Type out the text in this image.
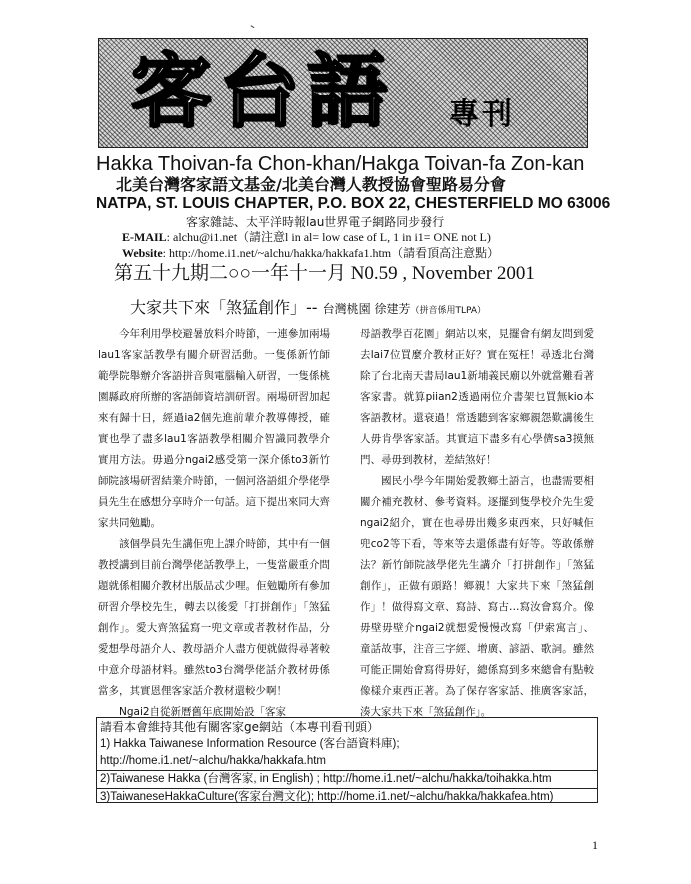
客台語 專刊
Hakka Thoivan-fa Chon-khan/Hakga Toivan-fa Zon-kan
北美台灣客家語文基金/北美台灣人教授協會聖路易分會
NATPA, ST. LOUIS CHAPTER, P.O. BOX 22, CHESTERFIELD MO 63006
客家雜誌、太平洋時報lau世界電子網路同步發行
E-MAIL: alchu@i1.net（請注意l in al= low case of L, 1 in i1= ONE not L)
Website: http://home.i1.net/~alchu/hakka/hakkafa1.htm（請看頂高注意點）
第五十九期二○○一年十一月 N0.59 , November 2001
大家共下來「煞猛創作」-- 台灣桃園 徐建芳（拼音係用TLPA）

今年利用學校避暑放料介時節，一連參加兩場lau1客家話教學有關介研習活動。一隻係新竹師範學院舉辦介客語拼音與電腦輸入研習，一隻係桃園縣政府所辦的客語師資培訓研習。兩場研習加起來有歸十日，經過ia2個先進前輩介教導傳授，確實也學了盡多lau1客語教學相關介智識同教學介實用方法。毋過分ngai2感受第一深介係to3新竹師院該場研習結業介時節，一個河洛語組介學佬學員先生在感想分享時介一句話。這下提出來同大齊家共同勉勵。

該個學員先生講佢兜上課介時節，其中有一個教授講到目前台灣學佬話教學上，一隻當嚴重介問題就係相關介教材出版品忒少哩。佢勉勵所有參加研習介學校先生，轉去以後愛「打拼創作」「煞猛創作」。愛大齊煞猛寫一兜文章或者教材作品，分愛想學母語介人、教母語介人盡方便就做得尋著較中意介母語材料。雖然to3台灣學佬話介教材毋係當多，其實恩俚客家話介教材還較少啊！

Ngai2自從新曆舊年底開始設「客家

母語教學百花園」網站以來，見擺會有網友問到愛去lai7位買麼介教材正好？實在冤枉！尋透北台灣除了台北南天書局lau1新埔義民廟以外就當難看著客家書。就算piian2透過兩位介書架乜買無kio本客語教材。還衰過！常透聽到客家鄉親怨歎講後生人毋肯學客家話。其實這下盡多有心學儕sa3摸無門、尋毋到教材，差結煞好！

國民小學今年開始愛教鄉土語言，也盡需要相關介補充教材、參考資料。逐擺到隻學校介先生愛ngai2紹介，實在也尋毋出幾多東西來，只好喊佢兜co2等下看，等來等去還係盡有好等。等敢係辦法？新竹師院該學佬先生講介「打拼創作」「煞猛創作」，正做有頭路！鄉親！大家共下來「煞猛創作」！做得寫文章、寫詩、寫古…寫汝會寫介。像毋壁毋壁介ngai2就想愛慢慢改寫「伊索寓言」、童話故事，注音三字經、增廣、諺語、歌詞。雖然可能正開始會寫得毋好，總係寫到多來總會有點較像樣介東西正著。為了保存客家話、推廣客家話，湊大家共下來「煞猛創作」。

請看本會維持其他有關客家ge網站（本專刊看刊頭）
1) Hakka Taiwanese Information Resource (客台語資料庫);
http://home.i1.net/~alchu/hakka/hakkafa.htm
2)Taiwanese Hakka (台灣客家, in English) ; http://home.i1.net/~alchu/hakka/toihakka.htm
3)TaiwaneseHakkaCulture(客家台灣文化); http://home.i1.net/~alchu/hakka/hakkafea.htm)
1
